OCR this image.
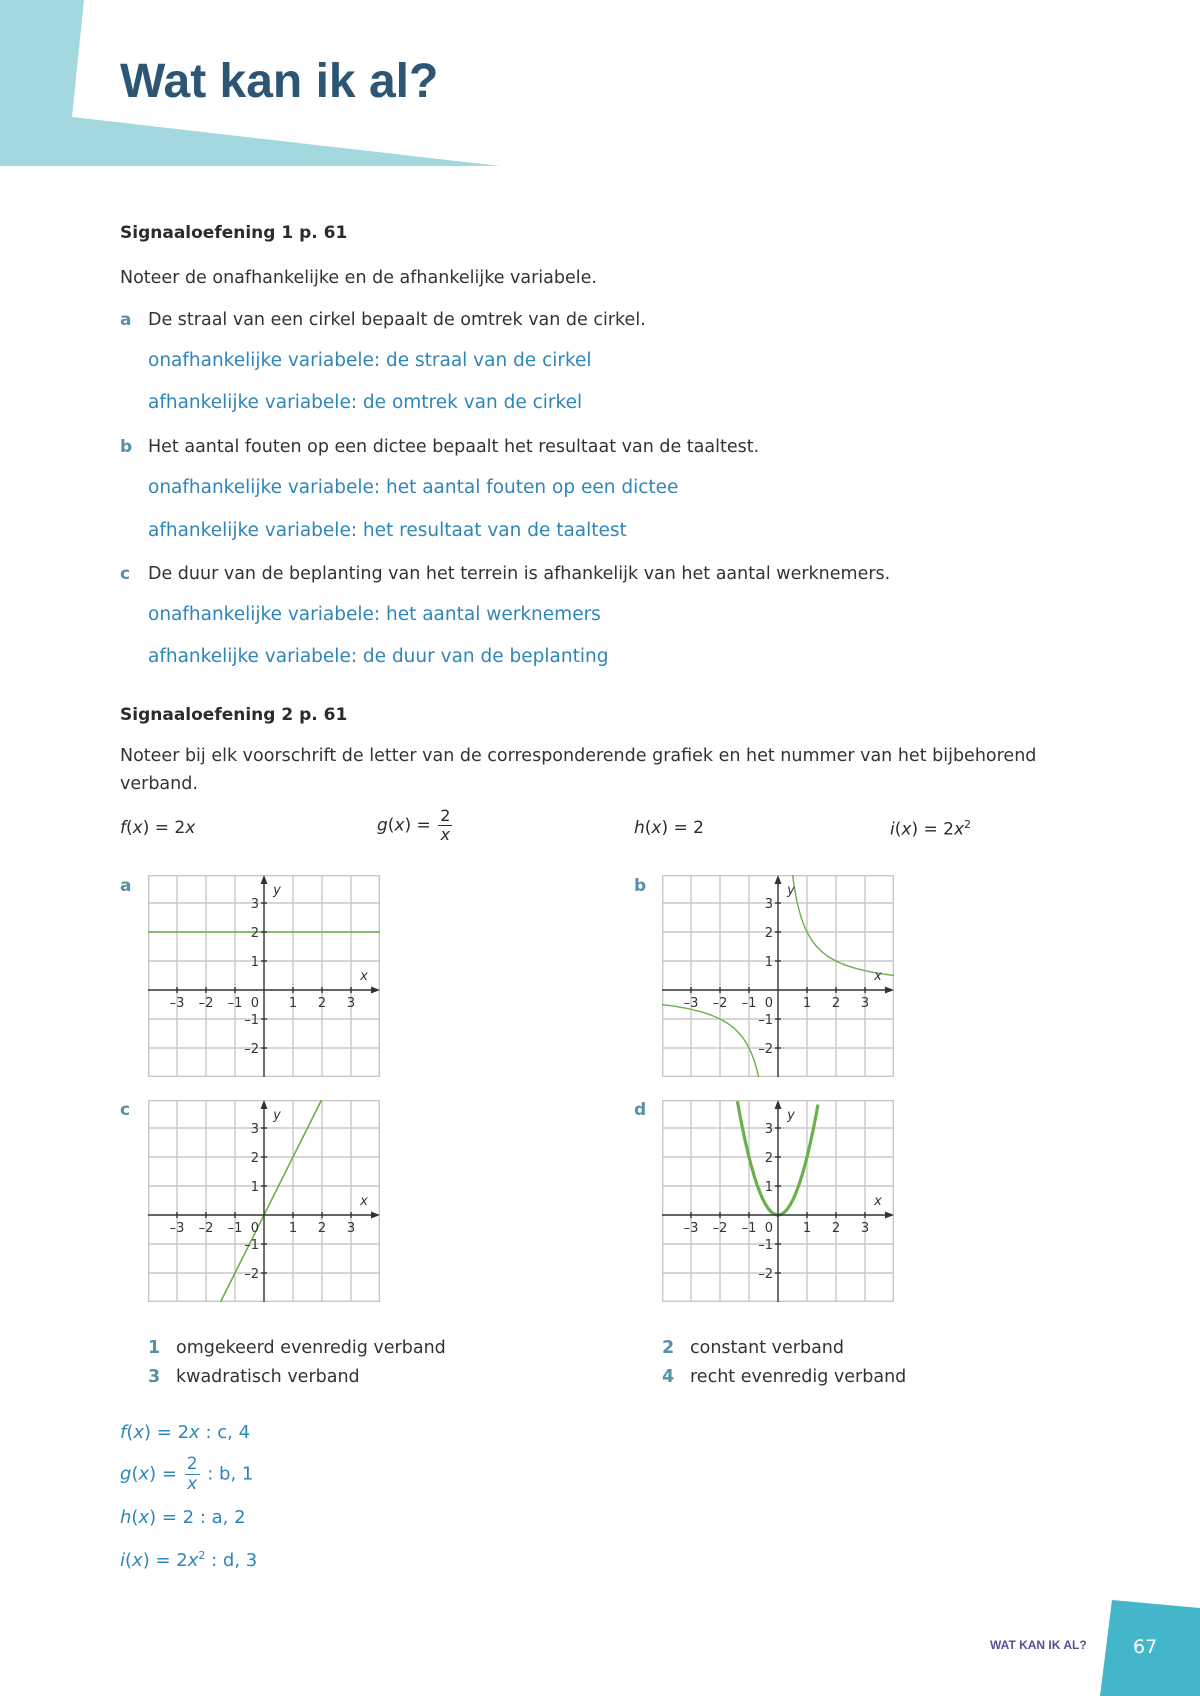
Wat kan ik al?
Signaaloefening 1 p. 61
Noteer de onafhankelijke en de afhankelijke variabele.
a De straal van een cirkel bepaalt de omtrek van de cirkel.
onafhankelijke variabele: de straal van de cirkel
afhankelijke variabele: de omtrek van de cirkel
b Het aantal fouten op een dictee bepaalt het resultaat van de taaltest.
onafhankelijke variabele: het aantal fouten op een dictee
afhankelijke variabele: het resultaat van de taaltest
c De duur van de beplanting van het terrein is afhankelijk van het aantal werknemers.
onafhankelijke variabele: het aantal werknemers
afhankelijke variabele: de duur van de beplanting
Signaaloefening 2 p. 61
Noteer bij elk voorschrift de letter van de corresponderende grafiek en het nummer van het bijbehorend
verband.
f(x) = 2x	$g(x) = \frac{2}{x}$	h(x) = 2	$i(x) = 2x^2$
a	b
c	d
1
–1
1
2
–2
2
3
–3
3
–1
–2
0
x
y
1
–1
1
2
–2
2
3
–3
3
–1
–2
0
x
y
1
–1
1
2
–2
2
3
–3
3
–1
–2
0
x
y
1
–1
1
2
–2
2
3
–3
3
–1
–2
0
x
y
1 omgekeerd evenredig verband	2 constant verband
3 kwadratisch verband	4 recht evenredig verband
f(x) = 2x : c, 4
$g(x) = \frac{2}{x}$ : b, 1
h(x) = 2 : a, 2
$i(x) = 2x^2$ : d, 3
WAT KAN IK AL? 67
